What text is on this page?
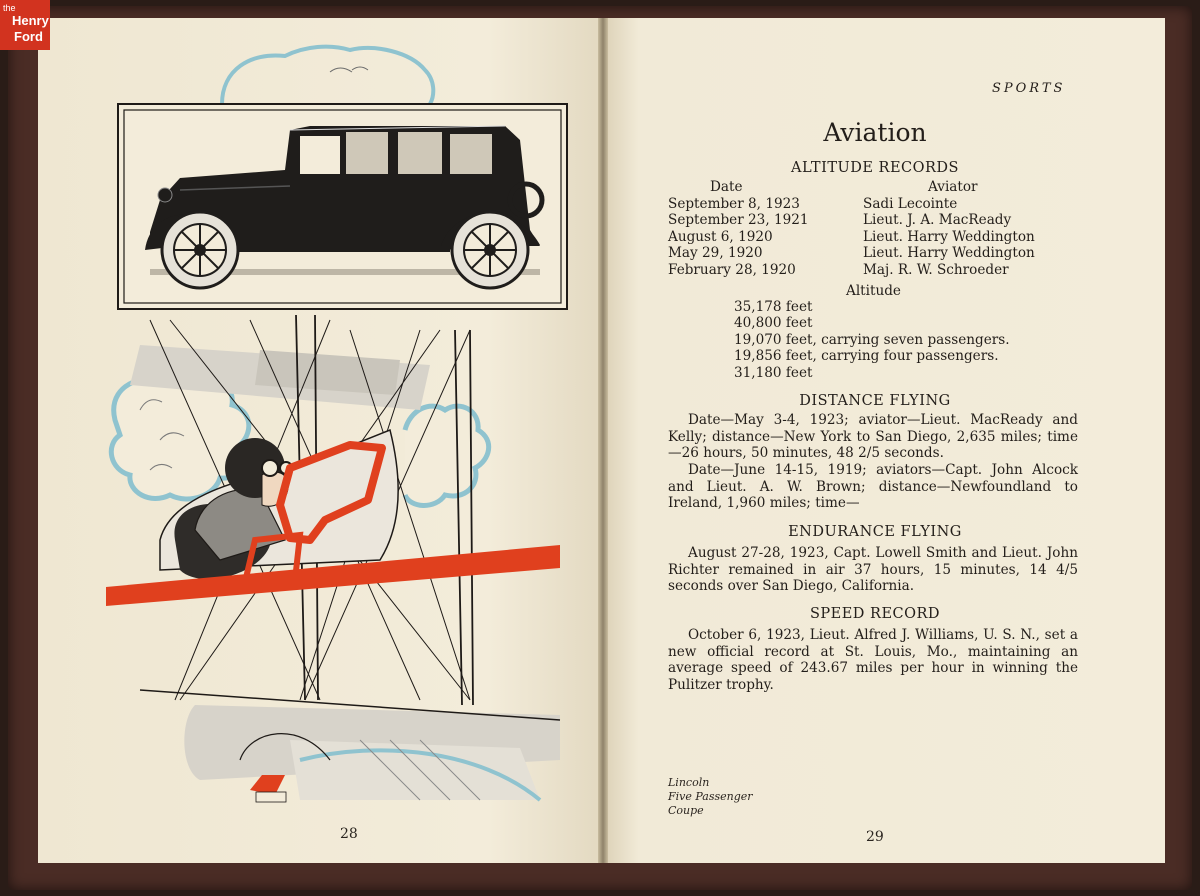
the
Henry
Ford
28
SPORTS
Aviation
ALTITUDE RECORDS
Date	Aviator
September 8, 1923
September 23, 1921
August 6, 1920
May 29, 1920
February 28, 1920
Sadi Lecointe
Lieut. J. A. MacReady
Lieut. Harry Weddington
Lieut. Harry Weddington
Maj. R. W. Schroeder
Altitude
35,178 feet
40,800 feet
19,070 feet, carrying seven passengers.
19,856 feet, carrying four passengers.
31,180 feet
DISTANCE FLYING
Date—May 3-4, 1923; aviator—Lieut. MacReady and Kelly; distance—New York to San Diego, 2,635 miles; time—26 hours, 50 minutes, 48 2/5 seconds.
Date—June 14-15, 1919; aviators—Capt. John Alcock and Lieut. A. W. Brown; distance—Newfoundland to Ireland, 1,960 miles; time—
ENDURANCE FLYING
August 27-28, 1923, Capt. Lowell Smith and Lieut. John Richter remained in air 37 hours, 15 minutes, 14 4/5 seconds over San Diego, California.
SPEED RECORD
October 6, 1923, Lieut. Alfred J. Williams, U. S. N., set a new official record at St. Louis, Mo., maintaining an average speed of 243.67 miles per hour in winning the Pulitzer trophy.
Lincoln
Five Passenger
Coupe
29
